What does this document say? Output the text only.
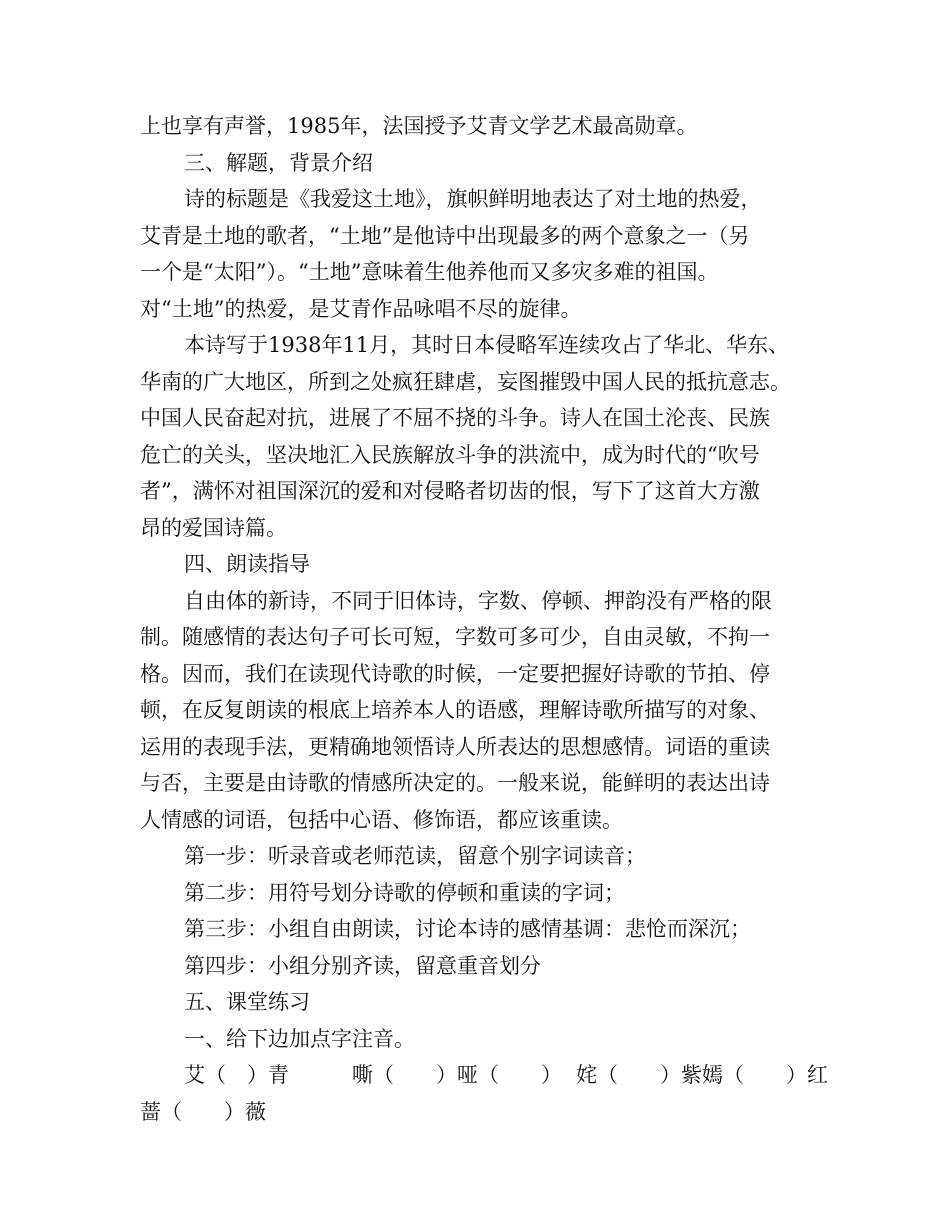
上也享有声誉，1985年，法国授予艾青文学艺术最高勋章。
三、解题，背景介绍
诗的标题是《我爱这土地》，旗帜鲜明地表达了对土地的热爱，
艾青是土地的歌者，“土地”是他诗中出现最多的两个意象之一（另
一个是“太阳”）。“土地”意味着生他养他而又多灾多难的祖国。
对“土地”的热爱，是艾青作品咏唱不尽的旋律。
本诗写于1938年11月，其时日本侵略军连续攻占了华北、华东、
华南的广大地区，所到之处疯狂肆虐，妄图摧毁中国人民的抵抗意志。
中国人民奋起对抗，进展了不屈不挠的斗争。诗人在国土沦丧、民族
危亡的关头，坚决地汇入民族解放斗争的洪流中，成为时代的“吹号
者”，满怀对祖国深沉的爱和对侵略者切齿的恨，写下了这首大方激
昂的爱国诗篇。
四、朗读指导
自由体的新诗，不同于旧体诗，字数、停顿、押韵没有严格的限
制。随感情的表达句子可长可短，字数可多可少，自由灵敏，不拘一
格。因而，我们在读现代诗歌的时候，一定要把握好诗歌的节拍、停
顿，在反复朗读的根底上培养本人的语感，理解诗歌所描写的对象、
运用的表现手法，更精确地领悟诗人所表达的思想感情。词语的重读
与否，主要是由诗歌的情感所决定的。一般来说，能鲜明的表达出诗
人情感的词语，包括中心语、修饰语，都应该重读。
第一步：听录音或老师范读，留意个别字词读音；
第二步：用符号划分诗歌的停顿和重读的字词；
第三步：小组自由朗读，讨论本诗的感情基调：悲怆而深沉；
第四步：小组分别齐读，留意重音划分
五、课堂练习
一、给下边加点字注音。
艾（　）青	嘶（　　）哑（　　） 姹（　　）紫嫣（　　）红
蔷（　　）薇
